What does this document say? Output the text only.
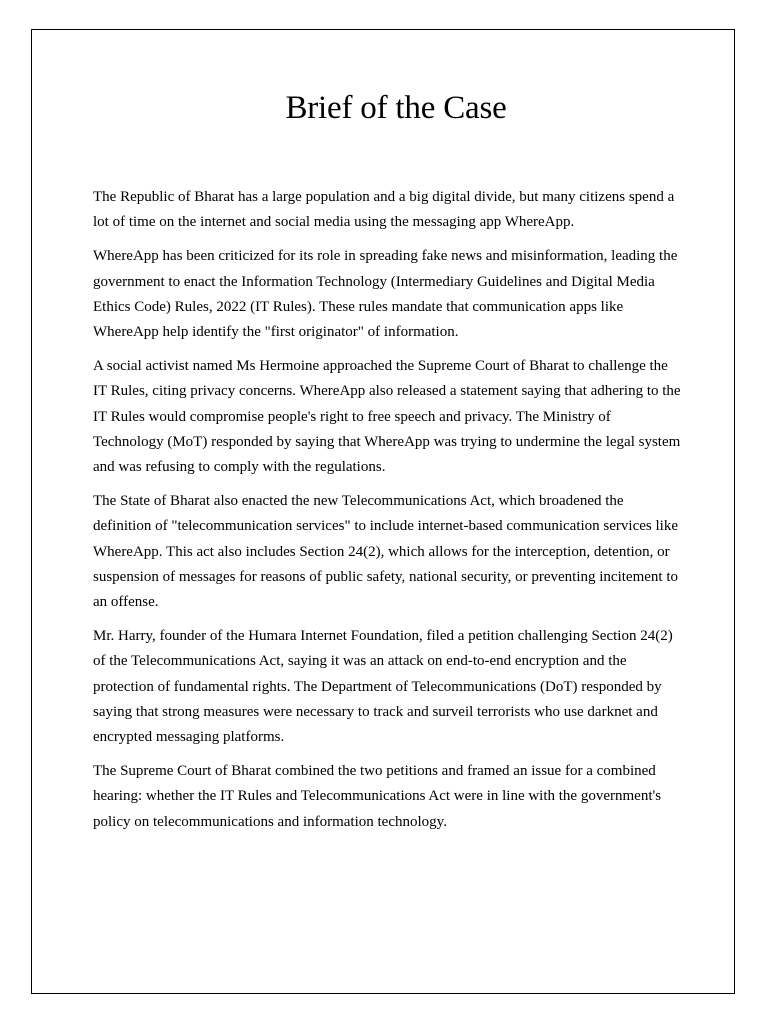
Brief of the Case

The Republic of Bharat has a large population and a big digital divide, but many citizens spend a lot of time on the internet and social media using the messaging app WhereApp.

WhereApp has been criticized for its role in spreading fake news and misinformation, leading the government to enact the Information Technology (Intermediary Guidelines and Digital Media Ethics Code) Rules, 2022 (IT Rules). These rules mandate that communication apps like WhereApp help identify the "first originator" of information.

A social activist named Ms Hermoine approached the Supreme Court of Bharat to challenge the IT Rules, citing privacy concerns. WhereApp also released a statement saying that adhering to the IT Rules would compromise people's right to free speech and privacy. The Ministry of Technology (MoT) responded by saying that WhereApp was trying to undermine the legal system and was refusing to comply with the regulations.

The State of Bharat also enacted the new Telecommunications Act, which broadened the definition of "telecommunication services" to include internet-based communication services like WhereApp. This act also includes Section 24(2), which allows for the interception, detention, or suspension of messages for reasons of public safety, national security, or preventing incitement to an offense.

Mr. Harry, founder of the Humara Internet Foundation, filed a petition challenging Section 24(2) of the Telecommunications Act, saying it was an attack on end-to-end encryption and the protection of fundamental rights. The Department of Telecommunications (DoT) responded by saying that strong measures were necessary to track and surveil terrorists who use darknet and encrypted messaging platforms.

The Supreme Court of Bharat combined the two petitions and framed an issue for a combined hearing: whether the IT Rules and Telecommunications Act were in line with the government's policy on telecommunications and information technology.
